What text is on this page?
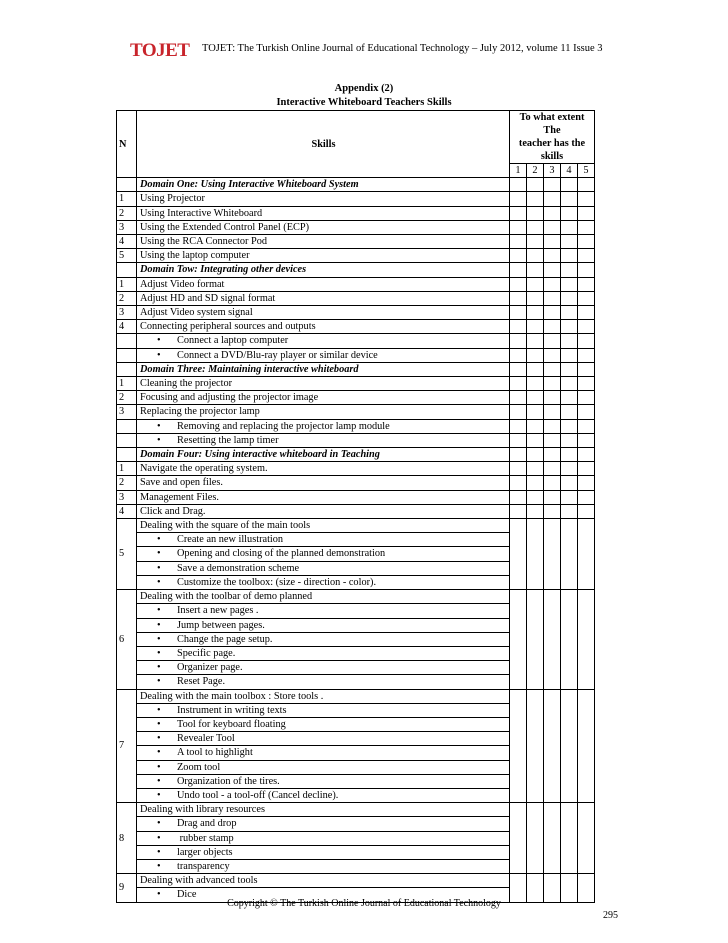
TOJET TOJET: The Turkish Online Journal of Educational Technology – July 2012, volume 11 Issue 3
Appendix (2)
Interactive Whiteboard Teachers Skills
N	Skills	To what extent The
teacher has the skills				

		1	2	3	4	5
	Domain One: Using Interactive Whiteboard System					
1	Using Projector					
2	Using Interactive Whiteboard					
3	Using the Extended Control Panel (ECP)					
4	Using the RCA Connector Pod					
5	Using the laptop computer					
	Domain Tow: Integrating other devices					
1	Adjust Video format					
2	Adjust HD and SD signal format					
3	Adjust Video system signal					
4	Connecting peripheral sources and outputs					
	• Connect a laptop computer					
	• Connect a DVD/Blu-ray player or similar device					
	Domain Three: Maintaining interactive whiteboard					
1	Cleaning the projector					
2	Focusing and adjusting the projector image					
3	Replacing the projector lamp					
	• Removing and replacing the projector lamp module					
	• Resetting the lamp timer					
	Domain Four: Using interactive whiteboard in Teaching					
1	Navigate the operating system.					
2	Save and open files.					
3	Management Files.					
4	Click and Drag.					
5	Dealing with the square of the main tools					
	• Create an new illustration
	• Opening and closing of the planned demonstration
	• Save a demonstration scheme
	• Customize the toolbox: (size - direction - color).
6	Dealing with the toolbar of demo planned					
	• Insert a new pages .
	• Jump between pages.
	• Change the page setup.
	• Specific page.
	• Organizer page.
	• Reset Page.
7	Dealing with the main toolbox : Store tools .					
	• Instrument in writing texts
	• Tool for keyboard floating
	• Revealer Tool
	• A tool to highlight
	• Zoom tool
	• Organization of the tires.
	• Undo tool - a tool-off (Cancel decline).
8	Dealing with library resources					
	• Drag and drop
	• rubber stamp
	• larger objects
	• transparency
9	Dealing with advanced tools					
	• Dice
Copyright © The Turkish Online Journal of Educational Technology
295
